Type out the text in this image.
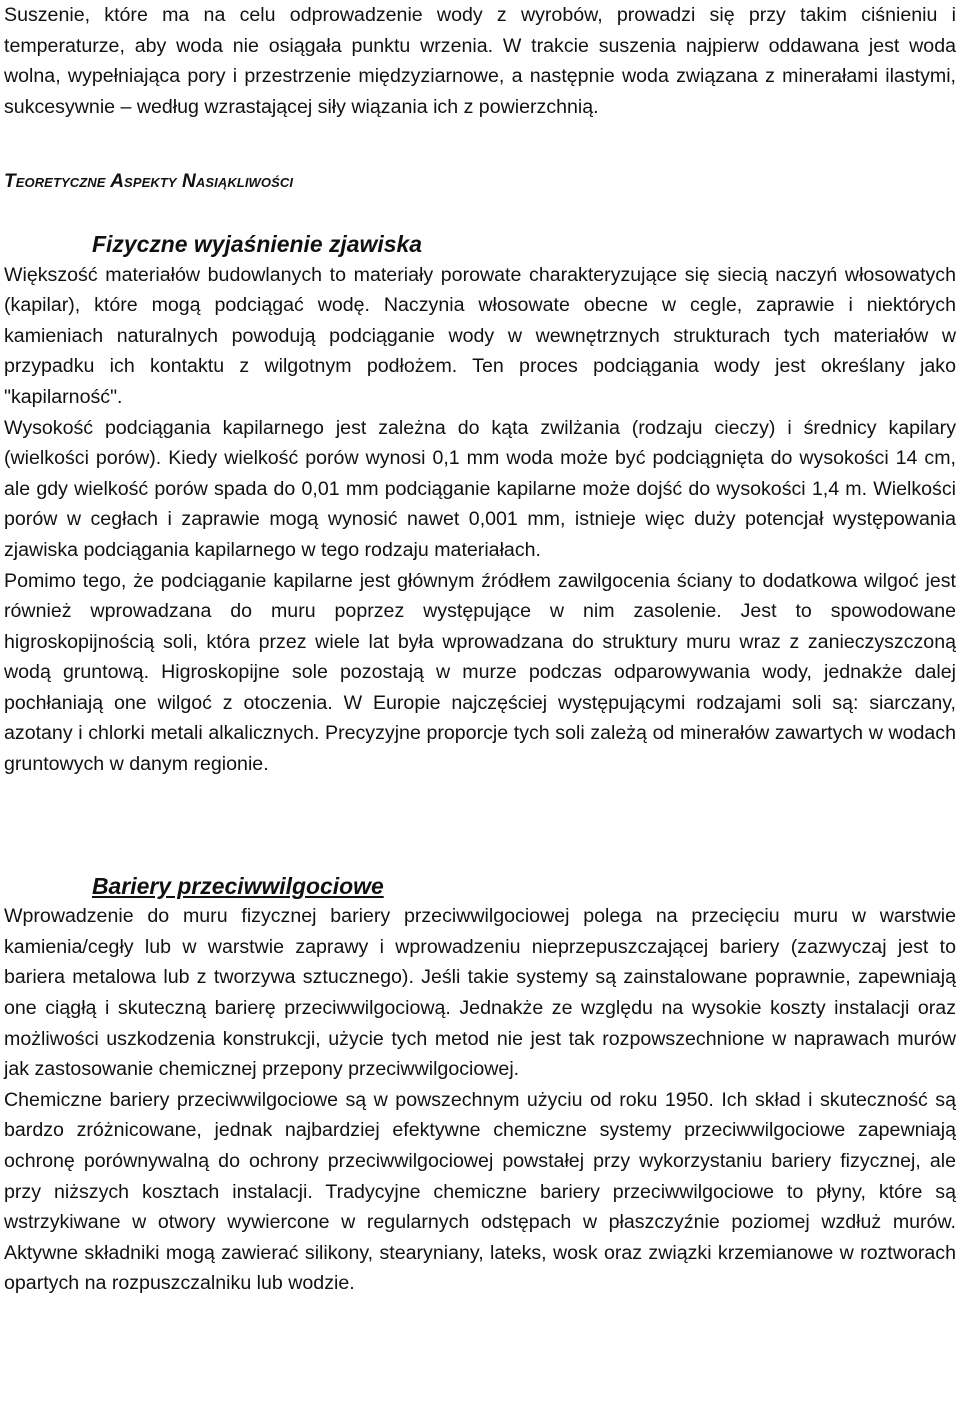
Suszenie, które ma na celu odprowadzenie wody z wyrobów, prowadzi się przy takim ciśnieniu i temperaturze, aby woda nie osiągała punktu wrzenia. W trakcie suszenia najpierw oddawana jest woda wolna, wypełniająca pory i przestrzenie międzyziarnowe, a następnie woda związana z minerałami ilastymi, sukcesywnie – według wzrastającej siły wiązania ich z powierzchnią.

Teoretyczne Aspekty Nasiąkliwości
Fizyczne wyjaśnienie zjawiska

Większość materiałów budowlanych to materiały porowate charakteryzujące się siecią naczyń włosowatych (kapilar), które mogą podciągać wodę. Naczynia włosowate obecne w cegle, zaprawie i niektórych kamieniach naturalnych powodują podciąganie wody w wewnętrznych strukturach tych materiałów w przypadku ich kontaktu z wilgotnym podłożem. Ten proces podciągania wody jest określany jako "kapilarność".

Wysokość podciągania kapilarnego jest zależna do kąta zwilżania (rodzaju cieczy) i średnicy kapilary (wielkości porów). Kiedy wielkość porów wynosi 0,1 mm woda może być podciągnięta do wysokości 14 cm, ale gdy wielkość porów spada do 0,01 mm podciąganie kapilarne może dojść do wysokości 1,4 m. Wielkości porów w cegłach i zaprawie mogą wynosić nawet 0,001 mm, istnieje więc duży potencjał występowania zjawiska podciągania kapilarnego w tego rodzaju materiałach.

Pomimo tego, że podciąganie kapilarne jest głównym źródłem zawilgocenia ściany to dodatkowa wilgoć jest również wprowadzana do muru poprzez występujące w nim zasolenie. Jest to spowodowane higroskopijnością soli, która przez wiele lat była wprowadzana do struktury muru wraz z zanieczyszczoną wodą gruntową. Higroskopijne sole pozostają w murze podczas odparowywania wody, jednakże dalej pochłaniają one wilgoć z otoczenia. W Europie najczęściej występującymi rodzajami soli są: siarczany, azotany i chlorki metali alkalicznych. Precyzyjne proporcje tych soli zależą od minerałów zawartych w wodach gruntowych w danym regionie.

Bariery przeciwwilgociowe

Wprowadzenie do muru fizycznej bariery przeciwwilgociowej polega na przecięciu muru w warstwie kamienia/cegły lub w warstwie zaprawy i wprowadzeniu nieprzepuszczającej bariery (zazwyczaj jest to bariera metalowa lub z tworzywa sztucznego). Jeśli takie systemy są zainstalowane poprawnie, zapewniają one ciągłą i skuteczną barierę przeciwwilgociową. Jednakże ze względu na wysokie koszty instalacji oraz możliwości uszkodzenia konstrukcji, użycie tych metod nie jest tak rozpowszechnione w naprawach murów jak zastosowanie chemicznej przepony przeciwwilgociowej.

Chemiczne bariery przeciwwilgociowe są w powszechnym użyciu od roku 1950. Ich skład i skuteczność są bardzo zróżnicowane, jednak najbardziej efektywne chemiczne systemy przeciwwilgociowe zapewniają ochronę porównywalną do ochrony przeciwwilgociowej powstałej przy wykorzystaniu bariery fizycznej, ale przy niższych kosztach instalacji. Tradycyjne chemiczne bariery przeciwwilgociowe to płyny, które są wstrzykiwane w otwory wywiercone w regularnych odstępach w płaszczyźnie poziomej wzdłuż murów. Aktywne składniki mogą zawierać silikony, stearyniany, lateks, wosk oraz związki krzemianowe w roztworach opartych na rozpuszczalniku lub wodzie.
